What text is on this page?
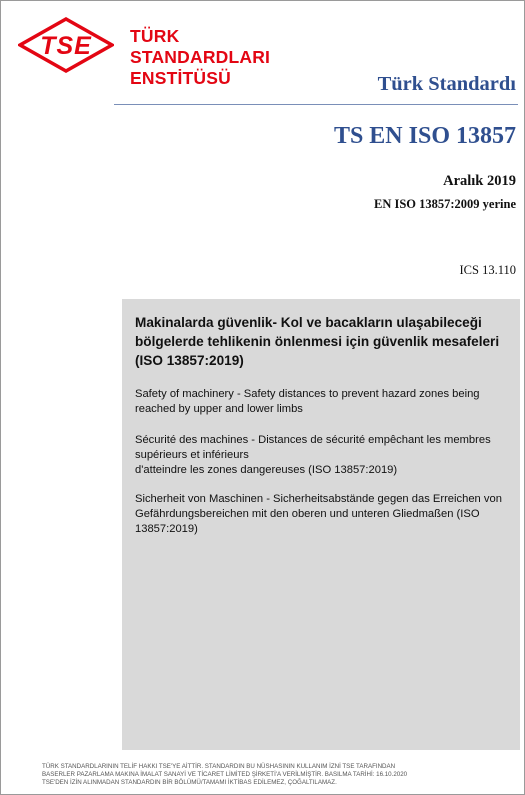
TSE TÜRK
STANDARDLARI
ENSTİTÜSÜ	Türk Standardı
TS EN ISO 13857
Aralık 2019
EN ISO 13857:2009 yerine
ICS 13.110
Makinalarda güvenlik- Kol ve bacakların ulaşabileceği bölgelerde tehlikenin önlenmesi için güvenlik mesafeleri (ISO 13857:2019)
Safety of machinery - Safety distances to prevent hazard zones being
reached by upper and lower limbs
Sécurité des machines - Distances de sécurité empêchant les membres
supérieurs et inférieurs
d'atteindre les zones dangereuses (ISO 13857:2019)
Sicherheit von Maschinen - Sicherheitsabstände gegen das Erreichen von
Gefährdungsbereichen mit den oberen und unteren Gliedmaßen (ISO
13857:2019)
TÜRK STANDARDLARININ TELİF HAKKI TSE'YE AİTTİR. STANDARDIN BU NÜSHASININ KULLANIM İZNİ TSE TARAFINDAN
BASERLER PAZARLAMA MAKINA İMALAT SANAYİ VE TİCARET LİMİTED ŞİRKETİ'A VERİLMİŞTİR. BASILMA TARİHİ: 16.10.2020
TSE'DEN İZİN ALINMADAN STANDARDIN BİR BÖLÜMÜ/TAMAMI İKTİBAS EDİLEMEZ, ÇOĞALTILAMAZ.
